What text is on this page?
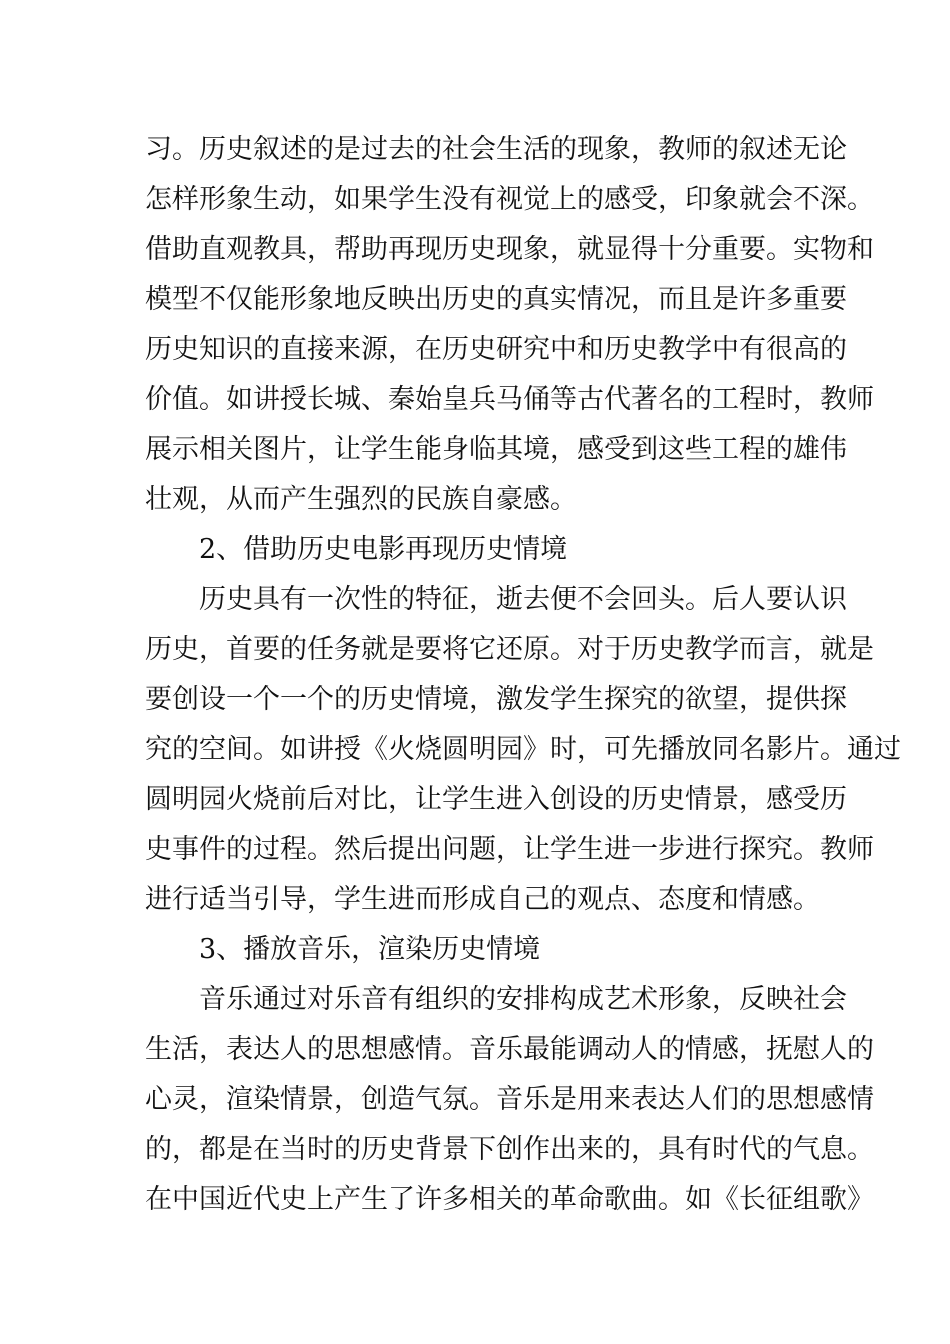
习。历史叙述的是过去的社会生活的现象，教师的叙述无论
怎样形象生动，如果学生没有视觉上的感受，印象就会不深。
借助直观教具，帮助再现历史现象，就显得十分重要。实物和
模型不仅能形象地反映出历史的真实情况，而且是许多重要
历史知识的直接来源，在历史研究中和历史教学中有很高的
价值。如讲授长城、秦始皇兵马俑等古代著名的工程时，教师
展示相关图片，让学生能身临其境，感受到这些工程的雄伟
壮观，从而产生强烈的民族自豪感。
2、借助历史电影再现历史情境
历史具有一次性的特征，逝去便不会回头。后人要认识
历史，首要的任务就是要将它还原。对于历史教学而言，就是
要创设一个一个的历史情境，激发学生探究的欲望，提供探
究的空间。如讲授《火烧圆明园》时，可先播放同名影片。通过
圆明园火烧前后对比，让学生进入创设的历史情景，感受历
史事件的过程。然后提出问题，让学生进一步进行探究。教师
进行适当引导，学生进而形成自己的观点、态度和情感。
3、播放音乐，渲染历史情境
音乐通过对乐音有组织的安排构成艺术形象，反映社会
生活，表达人的思想感情。音乐最能调动人的情感，抚慰人的
心灵，渲染情景，创造气氛。音乐是用来表达人们的思想感情
的，都是在当时的历史背景下创作出来的，具有时代的气息。
在中国近代史上产生了许多相关的革命歌曲。如《长征组歌》
